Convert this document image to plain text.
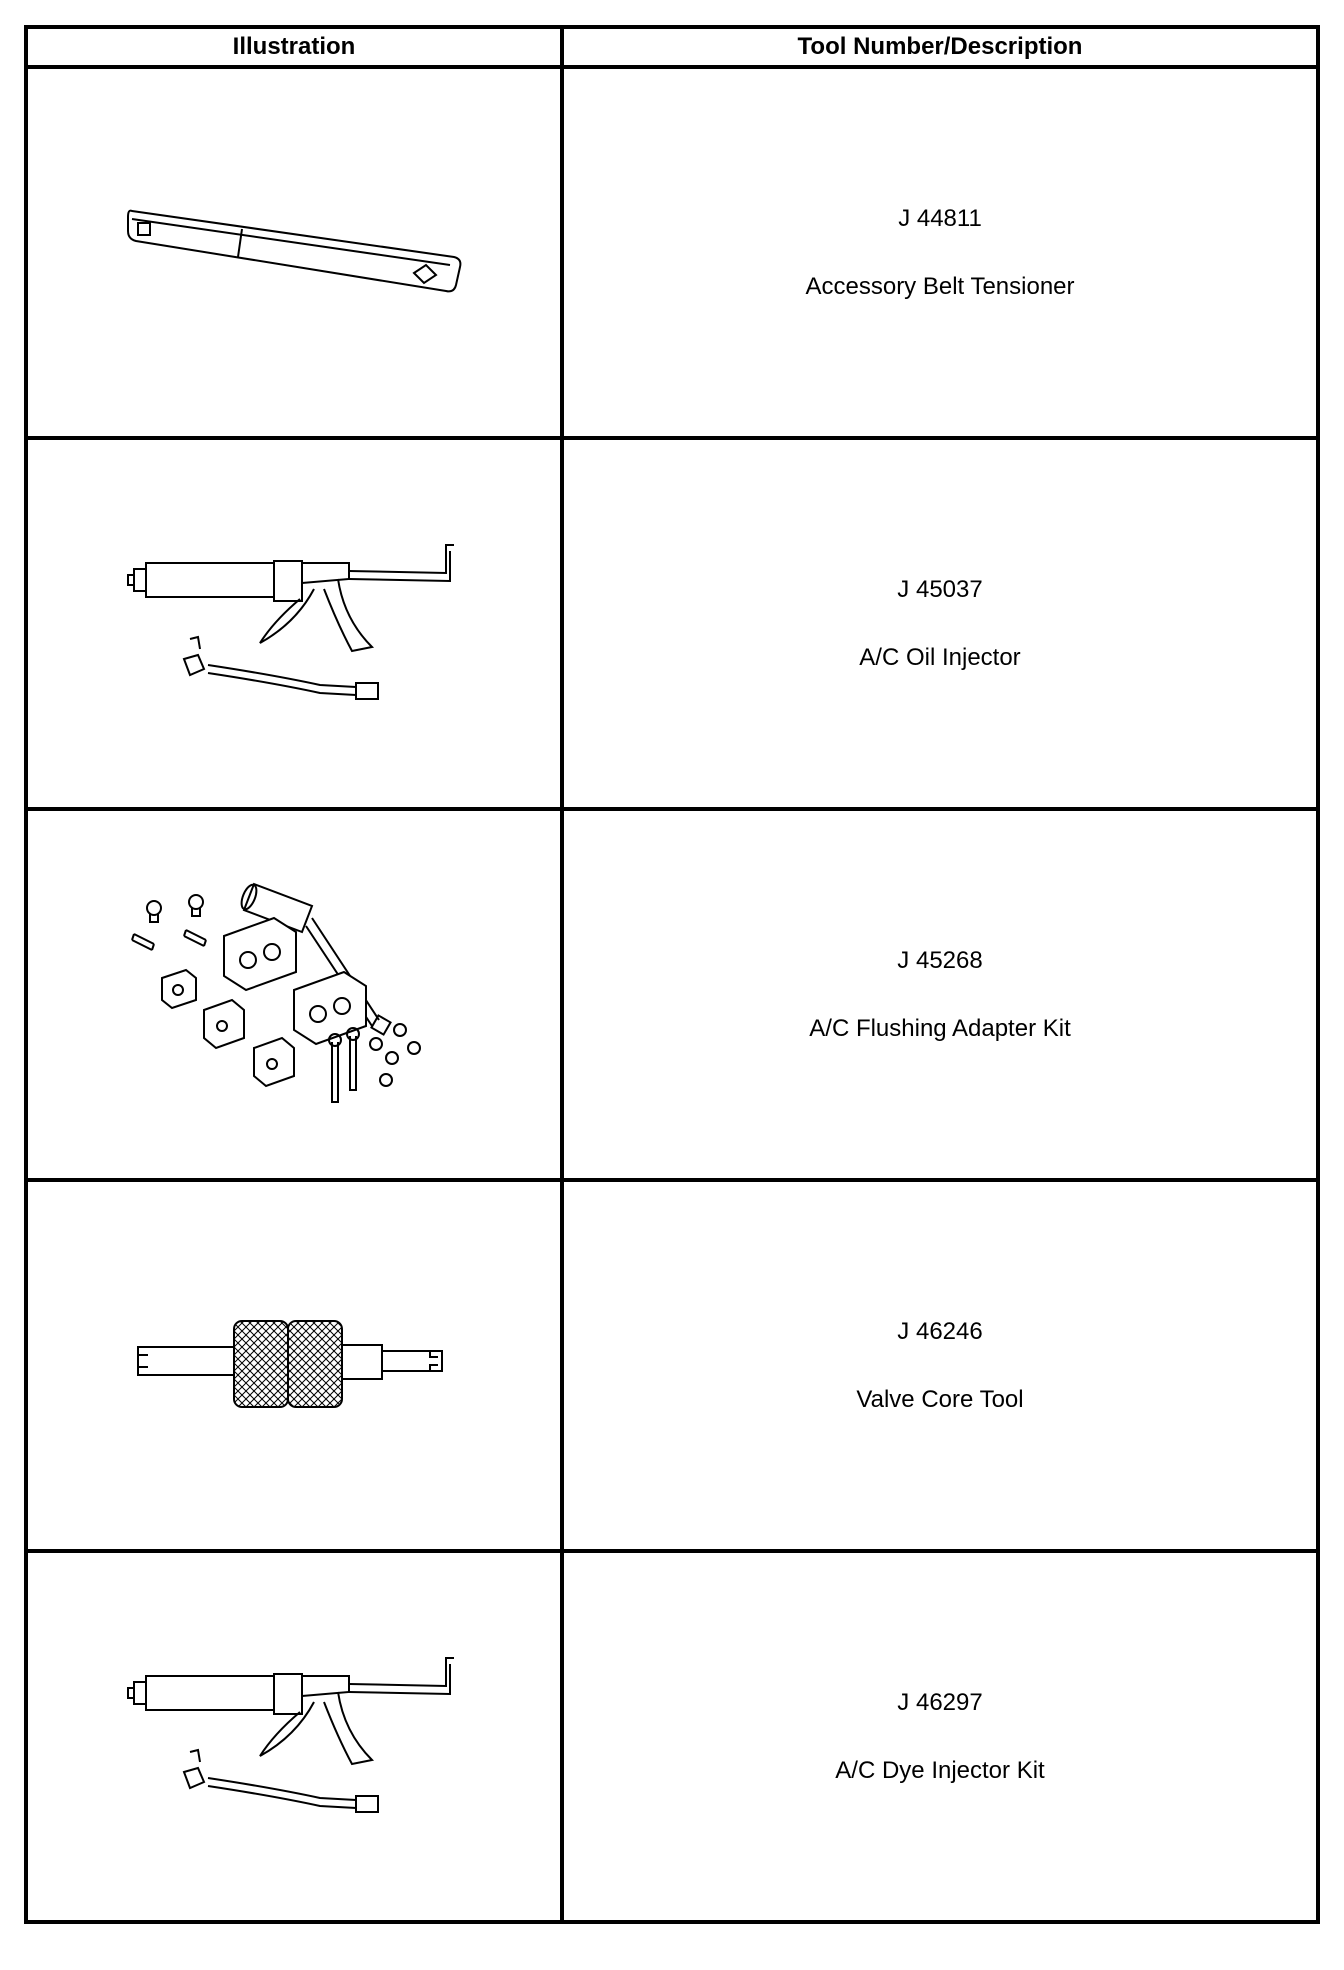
Illustration	Tool Number/Description

J 44811
Accessory Belt Tensioner

J 45037
A/C Oil Injector

J 45268
A/C Flushing Adapter Kit

J 46246
Valve Core Tool

J 46297
A/C Dye Injector Kit
